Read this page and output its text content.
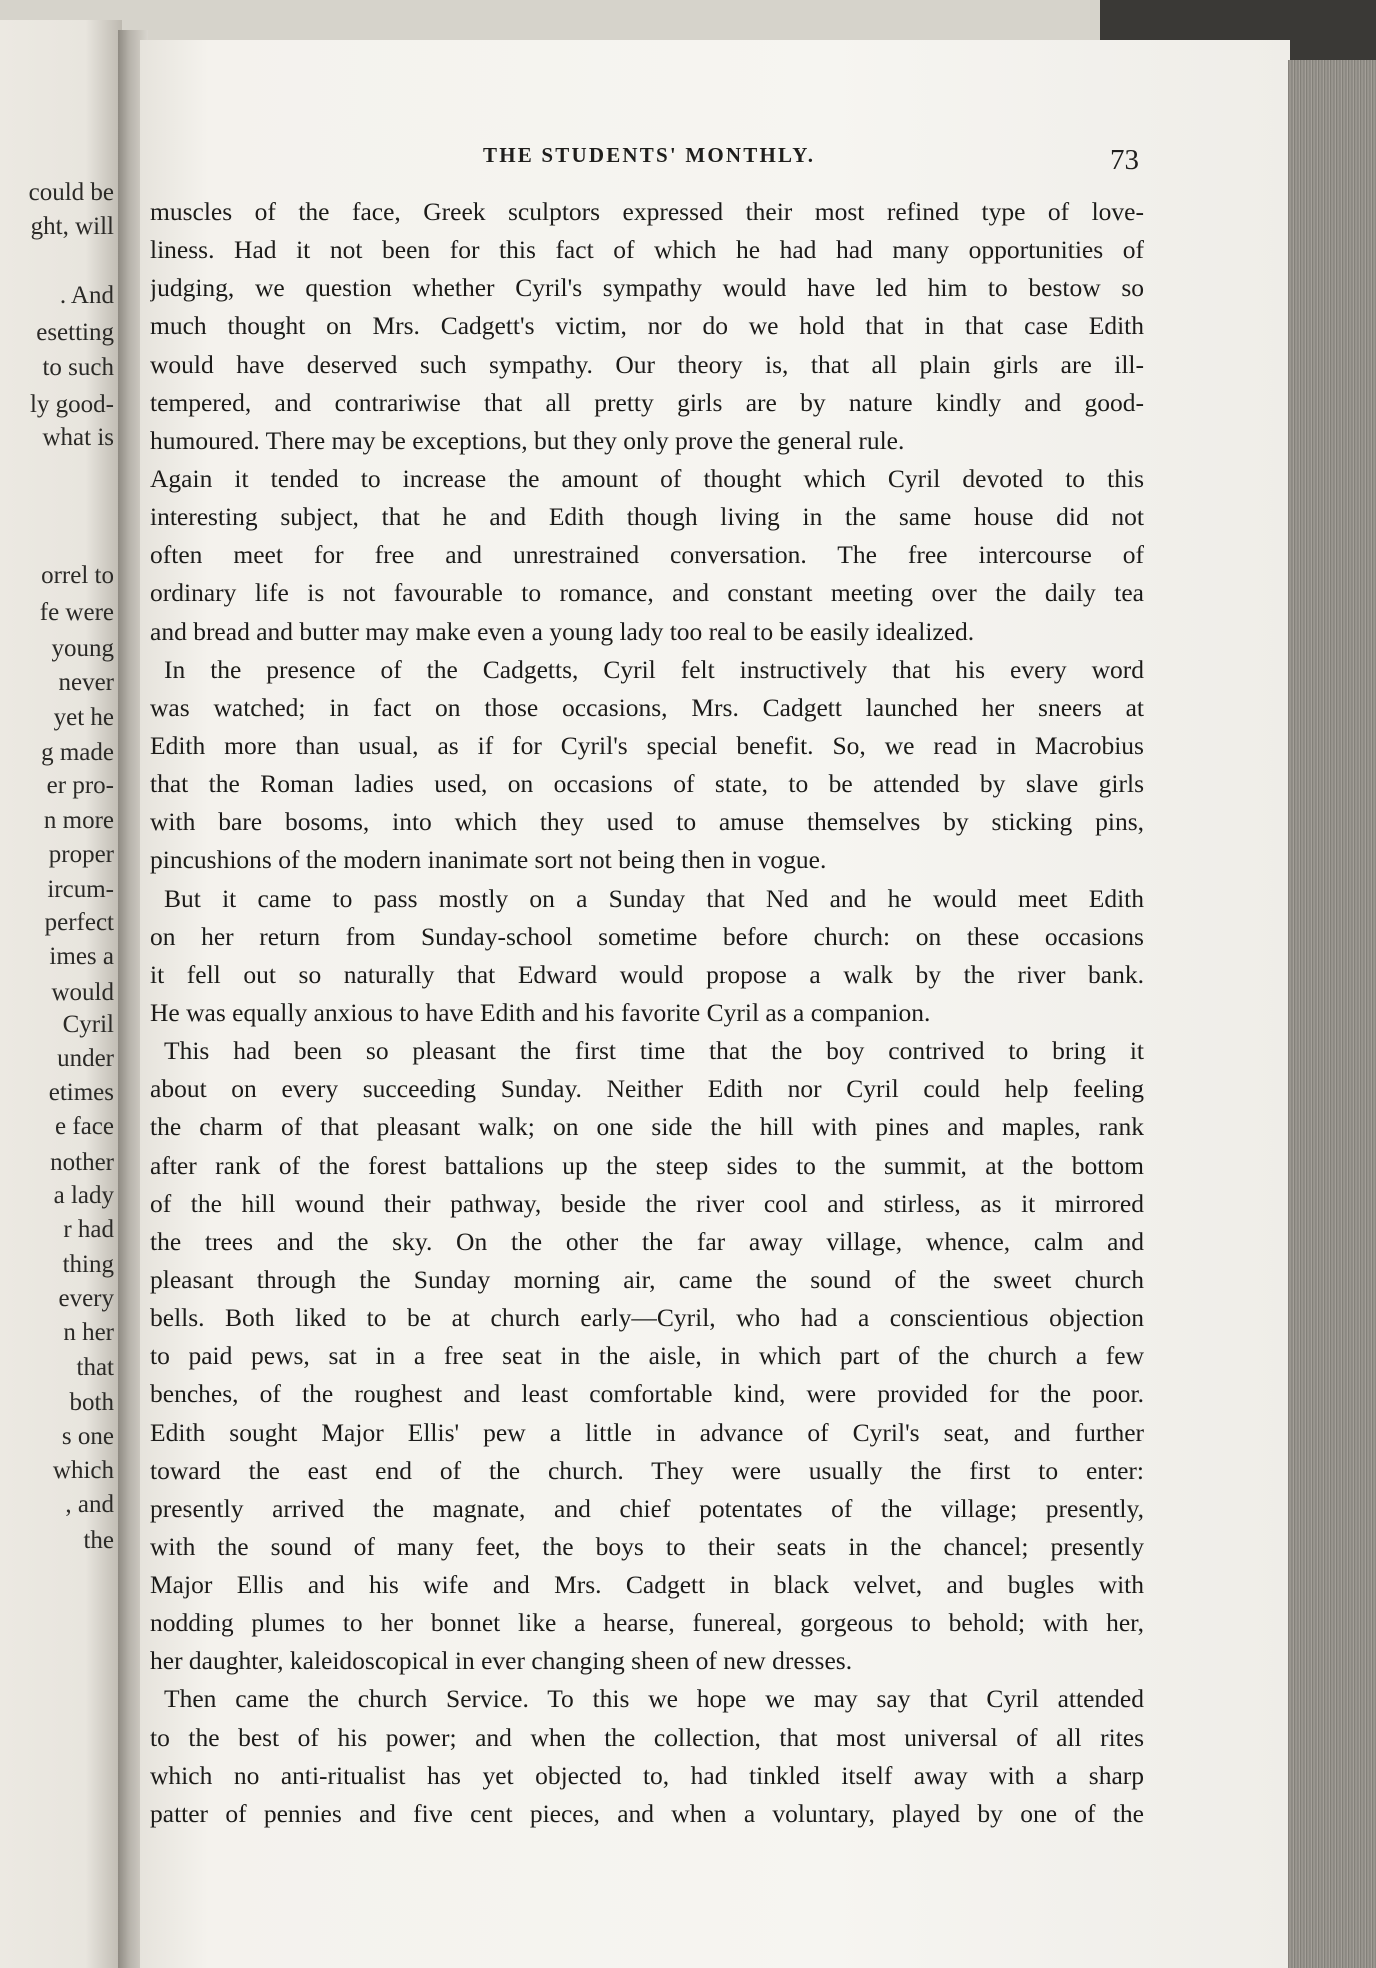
could be
ght, will
. And
esetting
to such
ly good-
what is
orrel to
fe were
young
never
yet he
g made
er pro-
n more
proper
ircum-
perfect
imes a
would
Cyril
under
etimes
e face
nother
a lady
r had
thing
every
n her
that
both
s one
which
, and
the
THE STUDENTS' MONTHLY.	73
muscles of the face, Greek sculptors expressed their most refined type of love-
liness. Had it not been for this fact of which he had had many opportunities of
judging, we question whether Cyril's sympathy would have led him to bestow so
much thought on Mrs. Cadgett's victim, nor do we hold that in that case Edith
would have deserved such sympathy. Our theory is, that all plain girls are ill-
tempered, and contrariwise that all pretty girls are by nature kindly and good-
humoured. There may be exceptions, but they only prove the general rule.
Again it tended to increase the amount of thought which Cyril devoted to this
interesting subject, that he and Edith though living in the same house did not
often meet for free and unrestrained conversation. The free intercourse of
ordinary life is not favourable to romance, and constant meeting over the daily tea
and bread and butter may make even a young lady too real to be easily idealized.
In the presence of the Cadgetts, Cyril felt instructively that his every word
was watched; in fact on those occasions, Mrs. Cadgett launched her sneers at
Edith more than usual, as if for Cyril's special benefit. So, we read in Macrobius
that the Roman ladies used, on occasions of state, to be attended by slave girls
with bare bosoms, into which they used to amuse themselves by sticking pins,
pincushions of the modern inanimate sort not being then in vogue.
But it came to pass mostly on a Sunday that Ned and he would meet Edith
on her return from Sunday-school sometime before church: on these occasions
it fell out so naturally that Edward would propose a walk by the river bank.
He was equally anxious to have Edith and his favorite Cyril as a companion.
This had been so pleasant the first time that the boy contrived to bring it
about on every succeeding Sunday. Neither Edith nor Cyril could help feeling
the charm of that pleasant walk; on one side the hill with pines and maples, rank
after rank of the forest battalions up the steep sides to the summit, at the bottom
of the hill wound their pathway, beside the river cool and stirless, as it mirrored
the trees and the sky. On the other the far away village, whence, calm and
pleasant through the Sunday morning air, came the sound of the sweet church
bells. Both liked to be at church early—Cyril, who had a conscientious objection
to paid pews, sat in a free seat in the aisle, in which part of the church a few
benches, of the roughest and least comfortable kind, were provided for the poor.
Edith sought Major Ellis' pew a little in advance of Cyril's seat, and further
toward the east end of the church. They were usually the first to enter:
presently arrived the magnate, and chief potentates of the village; presently,
with the sound of many feet, the boys to their seats in the chancel; presently
Major Ellis and his wife and Mrs. Cadgett in black velvet, and bugles with
nodding plumes to her bonnet like a hearse, funereal, gorgeous to behold; with her,
her daughter, kaleidoscopical in ever changing sheen of new dresses.
Then came the church Service. To this we hope we may say that Cyril attended
to the best of his power; and when the collection, that most universal of all rites
which no anti-ritualist has yet objected to, had tinkled itself away with a sharp
patter of pennies and five cent pieces, and when a voluntary, played by one of the
